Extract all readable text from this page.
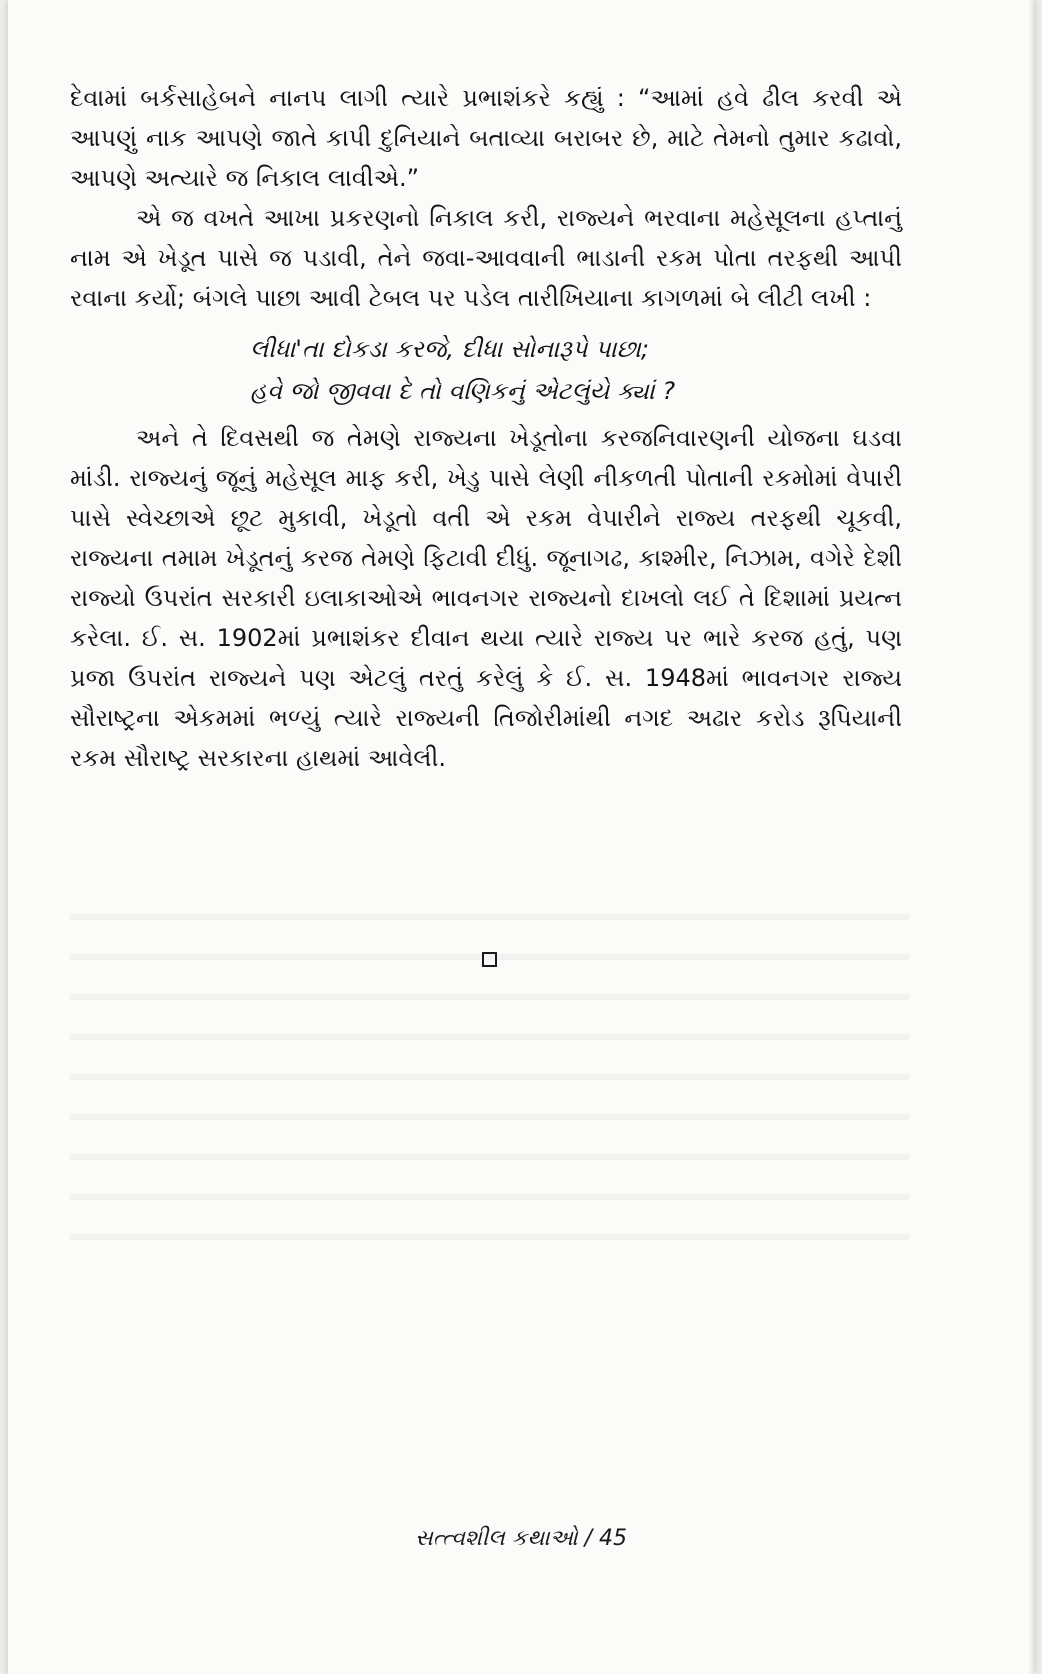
દેવામાં બર્કસાહેબને નાનપ લાગી ત્યારે પ્રભાશંકરે કહ્યું : “આમાં હવે ઢીલ કરવી એ આપણું નાક આપણે જાતે કાપી દુનિયાને બતાવ્યા બરાબર છે, માટે તેમનો તુમાર કઢાવો, આપણે અત્યારે જ નિકાલ લાવીએ.”

એ જ વખતે આખા પ્રકરણનો નિકાલ કરી, રાજ્યને ભરવાના મહેસૂલના હપ્તાનું નામ એ ખેડૂત પાસે જ પડાવી, તેને જવા-આવવાની ભાડાની રકમ પોતા તરફથી આપી રવાના કર્યો; બંગલે પાછા આવી ટેબલ પર પડેલ તારીખિયાના કાગળમાં બે લીટી લખી :

લીધા'તા દોકડા કરજે, દીધા સોનારૂપે પાછા;
હવે જો જીવવા દે તો વણિકનું એટલુંયે ક્યાં ?

અને તે દિવસથી જ તેમણે રાજ્યના ખેડૂતોના કરજનિવારણની યોજના ઘડવા માંડી. રાજ્યનું જૂનું મહેસૂલ માફ કરી, ખેડુ પાસે લેણી નીકળતી પોતાની રકમોમાં વેપારી પાસે સ્વેચ્છાએ છૂટ મુકાવી, ખેડૂતો વતી એ રકમ વેપારીને રાજ્ય તરફથી ચૂકવી, રાજ્યના તમામ ખેડૂતનું કરજ તેમણે ફિટાવી દીધું. જૂનાગઢ, કાશ્મીર, નિઝામ, વગેરે દેશી રાજ્યો ઉપરાંત સરકારી ઇલાકાઓએ ભાવનગર રાજ્યનો દાખલો લઈ તે દિશામાં પ્રયત્ન કરેલા. ઈ. સ. 1902માં પ્રભાશંકર દીવાન થયા ત્યારે રાજ્ય પર ભારે કરજ હતું, પણ પ્રજા ઉપરાંત રાજ્યને પણ એટલું તરતું કરેલું કે ઈ. સ. 1948માં ભાવનગર રાજ્ય સૌરાષ્ટ્રના એકમમાં ભળ્યું ત્યારે રાજ્યની તિજોરીમાંથી નગદ અઢાર કરોડ રૂપિયાની રકમ સૌરાષ્ટ્ર સરકારના હાથમાં આવેલી.

સત્ત્વશીલ કથાઓ / 45
